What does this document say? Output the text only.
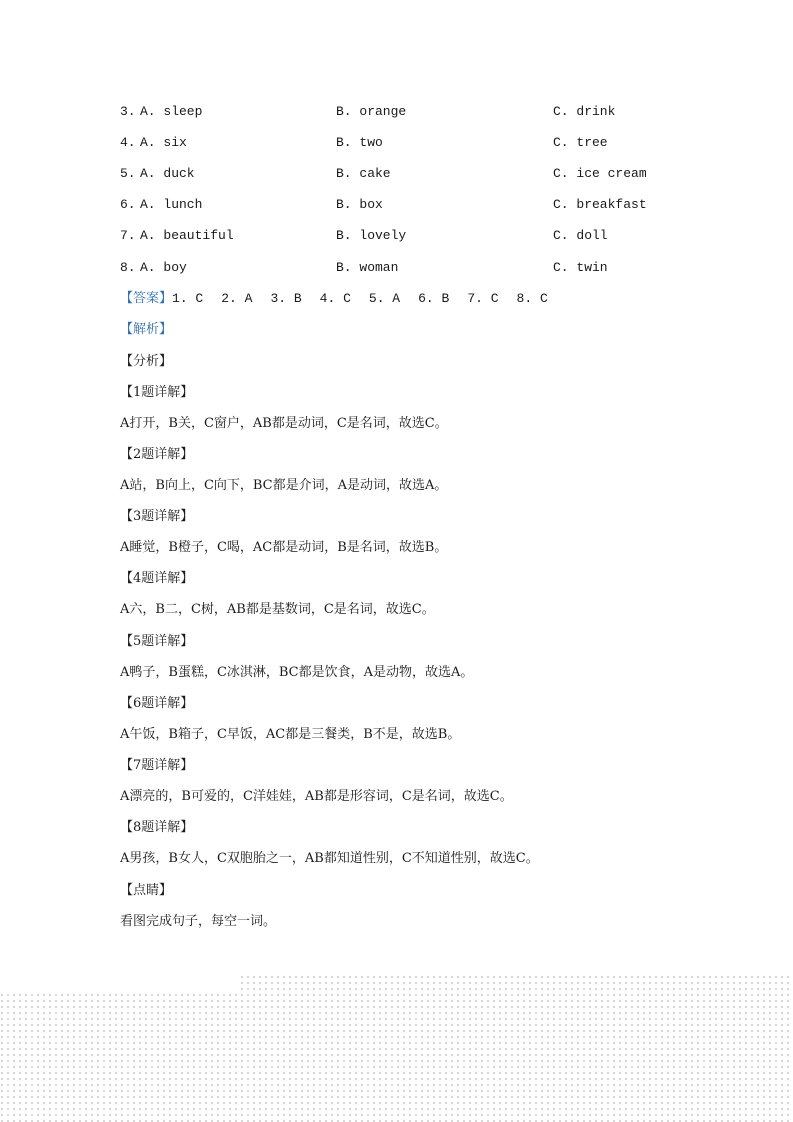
3. A. sleep	B. orange	C. drink
4. A. six	B. two	C. tree
5. A. duck	B. cake	C. ice cream
6. A. lunch	B. box	C. breakfast
7. A. beautiful	B. lovely	C. doll
8. A. boy	B. woman	C. twin
【答案】1. C 2. A 3. B 4. C 5. A 6. B 7. C 8. C
【解析】
【分析】
【1题详解】
A打开，B关，C窗户，AB都是动词，C是名词，故选C。
【2题详解】
A站，B向上，C向下，BC都是介词，A是动词，故选A。
【3题详解】
A睡觉，B橙子，C喝，AC都是动词，B是名词，故选B。
【4题详解】
A六，B二，C树，AB都是基数词，C是名词，故选C。
【5题详解】
A鸭子，B蛋糕，C冰淇淋，BC都是饮食，A是动物，故选A。
【6题详解】
A午饭，B箱子，C早饭，AC都是三餐类，B不是，故选B。
【7题详解】
A漂亮的，B可爱的，C洋娃娃，AB都是形容词，C是名词，故选C。
【8题详解】
A男孩，B女人，C双胞胎之一，AB都知道性别，C不知道性别，故选C。
【点睛】
看图完成句子，每空一词。
